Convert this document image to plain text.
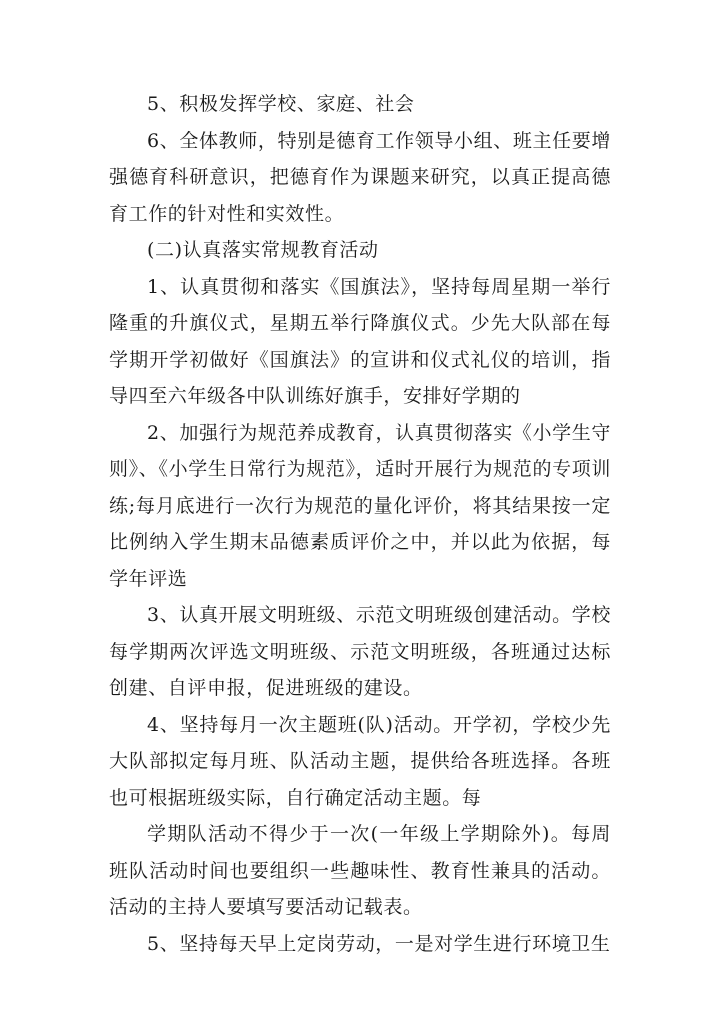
5、积极发挥学校、家庭、社会

6、全体教师，特别是德育工作领导小组、班主任要增强德育科研意识，把德育作为课题来研究，以真正提高德育工作的针对性和实效性。

(二)认真落实常规教育活动

1、认真贯彻和落实《国旗法》，坚持每周星期一举行隆重的升旗仪式，星期五举行降旗仪式。少先大队部在每学期开学初做好《国旗法》的宣讲和仪式礼仪的培训，指导四至六年级各中队训练好旗手，安排好学期的

2、加强行为规范养成教育，认真贯彻落实《小学生守则》、《小学生日常行为规范》，适时开展行为规范的专项训练;每月底进行一次行为规范的量化评价，将其结果按一定比例纳入学生期末品德素质评价之中，并以此为依据，每学年评选

3、认真开展文明班级、示范文明班级创建活动。学校每学期两次评选文明班级、示范文明班级，各班通过达标创建、自评申报，促进班级的建设。

4、坚持每月一次主题班(队)活动。开学初，学校少先大队部拟定每月班、队活动主题，提供给各班选择。各班也可根据班级实际，自行确定活动主题。每

学期队活动不得少于一次(一年级上学期除外)。每周班队活动时间也要组织一些趣味性、教育性兼具的活动。活动的主持人要填写要活动记载表。

5、坚持每天早上定岗劳动，一是对学生进行环境卫生
